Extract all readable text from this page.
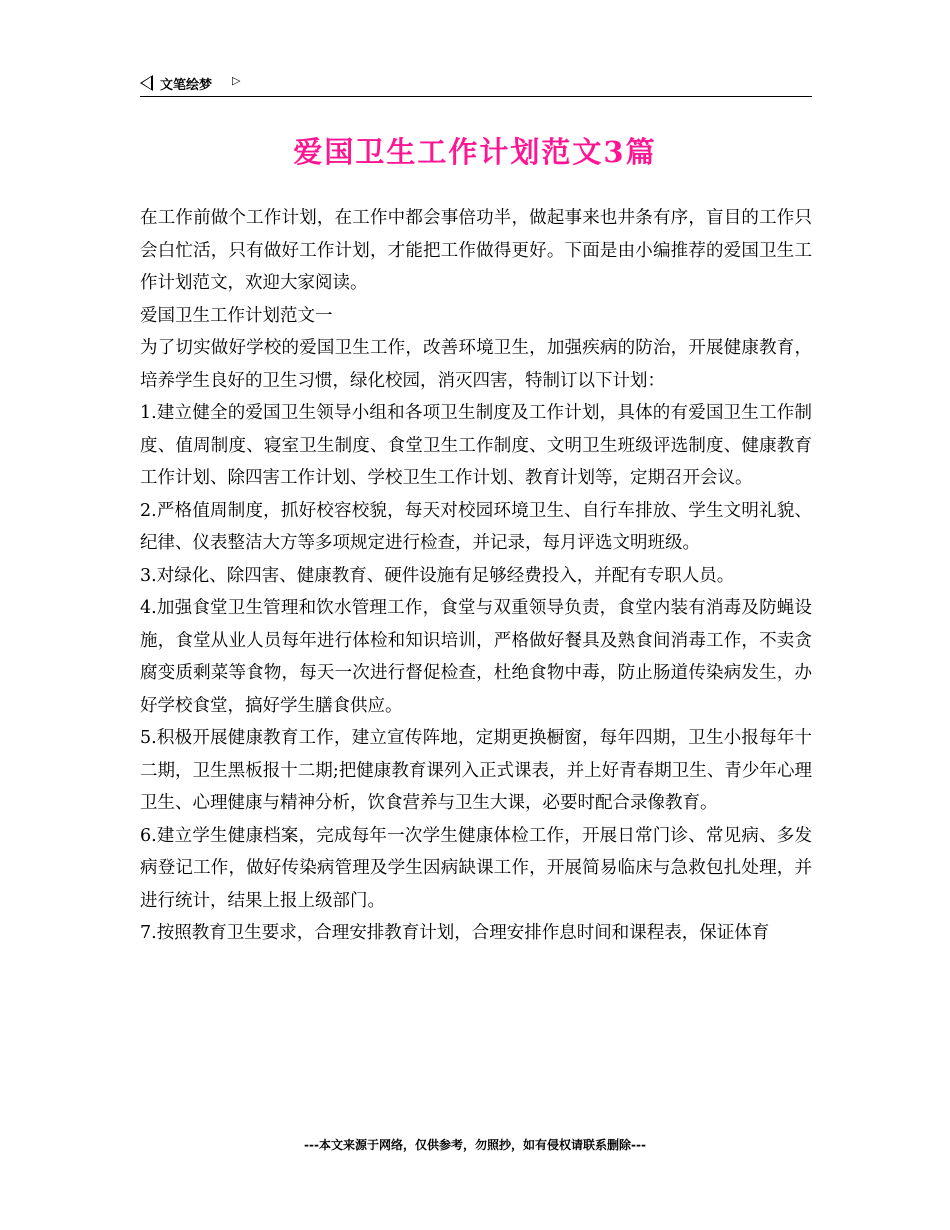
文笔绘梦 ▷
爱国卫生工作计划范文3篇

在工作前做个工作计划，在工作中都会事倍功半，做起事来也井条有序，盲目的工作只会白忙活，只有做好工作计划，才能把工作做得更好。下面是由小编推荐的爱国卫生工作计划范文，欢迎大家阅读。

爱国卫生工作计划范文一

为了切实做好学校的爱国卫生工作，改善环境卫生，加强疾病的防治，开展健康教育，培养学生良好的卫生习惯，绿化校园，消灭四害，特制订以下计划：

1.建立健全的爱国卫生领导小组和各项卫生制度及工作计划，具体的有爱国卫生工作制度、值周制度、寝室卫生制度、食堂卫生工作制度、文明卫生班级评选制度、健康教育工作计划、除四害工作计划、学校卫生工作计划、教育计划等，定期召开会议。

2.严格值周制度，抓好校容校貌，每天对校园环境卫生、自行车排放、学生文明礼貌、纪律、仪表整洁大方等多项规定进行检查，并记录，每月评选文明班级。

3.对绿化、除四害、健康教育、硬件设施有足够经费投入，并配有专职人员。

4.加强食堂卫生管理和饮水管理工作，食堂与双重领导负责，食堂内装有消毒及防蝇设施，食堂从业人员每年进行体检和知识培训，严格做好餐具及熟食间消毒工作，不卖贪腐变质剩菜等食物，每天一次进行督促检查，杜绝食物中毒，防止肠道传染病发生，办好学校食堂，搞好学生膳食供应。

5.积极开展健康教育工作，建立宣传阵地，定期更换橱窗，每年四期，卫生小报每年十二期，卫生黑板报十二期;把健康教育课列入正式课表，并上好青春期卫生、青少年心理卫生、心理健康与精神分析，饮食营养与卫生大课，必要时配合录像教育。

6.建立学生健康档案，完成每年一次学生健康体检工作，开展日常门诊、常见病、多发病登记工作，做好传染病管理及学生因病缺课工作，开展简易临床与急救包扎处理，并进行统计，结果上报上级部门。

7.按照教育卫生要求，合理安排教育计划，合理安排作息时间和课程表，保证体育

---本文来源于网络，仅供参考，勿照抄，如有侵权请联系删除---
